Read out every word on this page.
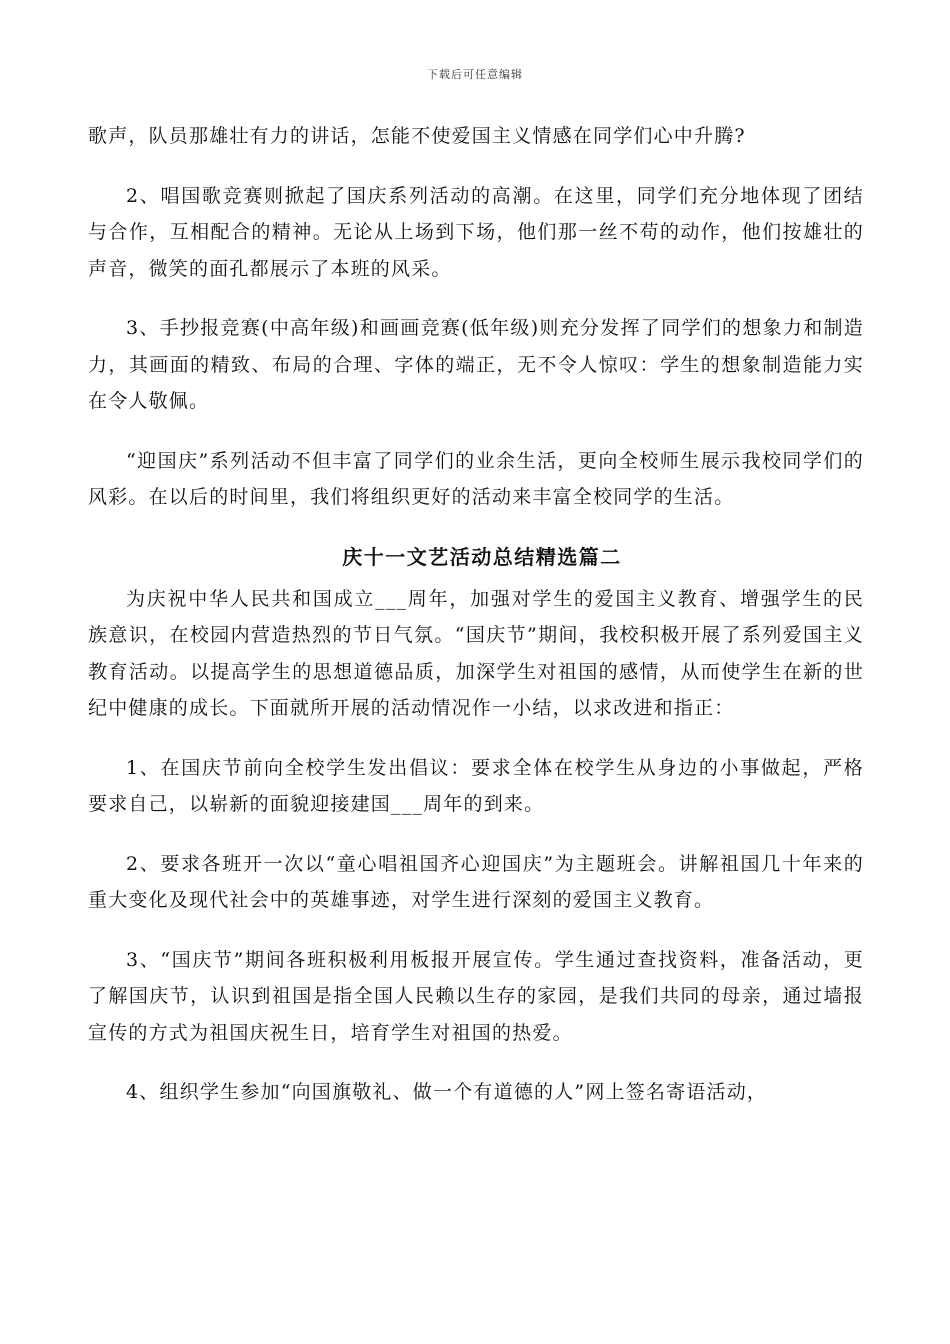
下载后可任意编辑

歌声，队员那雄壮有力的讲话，怎能不使爱国主义情感在同学们心中升腾?

2、唱国歌竞赛则掀起了国庆系列活动的高潮。在这里，同学们充分地体现了团结与合作，互相配合的精神。无论从上场到下场，他们那一丝不苟的动作，他们按雄壮的声音，微笑的面孔都展示了本班的风采。

3、手抄报竞赛(中高年级)和画画竞赛(低年级)则充分发挥了同学们的想象力和制造力，其画面的精致、布局的合理、字体的端正，无不令人惊叹：学生的想象制造能力实在令人敬佩。

“迎国庆”系列活动不但丰富了同学们的业余生活，更向全校师生展示我校同学们的风彩。在以后的时间里，我们将组织更好的活动来丰富全校同学的生活。

庆十一文艺活动总结精选篇二

为庆祝中华人民共和国成立___周年，加强对学生的爱国主义教育、增强学生的民族意识，在校园内营造热烈的节日气氛。“国庆节”期间，我校积极开展了系列爱国主义教育活动。以提高学生的思想道德品质，加深学生对祖国的感情，从而使学生在新的世纪中健康的成长。下面就所开展的活动情况作一小结，以求改进和指正：

1、在国庆节前向全校学生发出倡议：要求全体在校学生从身边的小事做起，严格要求自己，以崭新的面貌迎接建国___周年的到来。

2、要求各班开一次以“童心唱祖国齐心迎国庆”为主题班会。讲解祖国几十年来的重大变化及现代社会中的英雄事迹，对学生进行深刻的爱国主义教育。

3、“国庆节”期间各班积极利用板报开展宣传。学生通过查找资料，准备活动，更了解国庆节，认识到祖国是指全国人民赖以生存的家园，是我们共同的母亲，通过墙报宣传的方式为祖国庆祝生日，培育学生对祖国的热爱。

4、组织学生参加“向国旗敬礼、做一个有道德的人”网上签名寄语活动，
